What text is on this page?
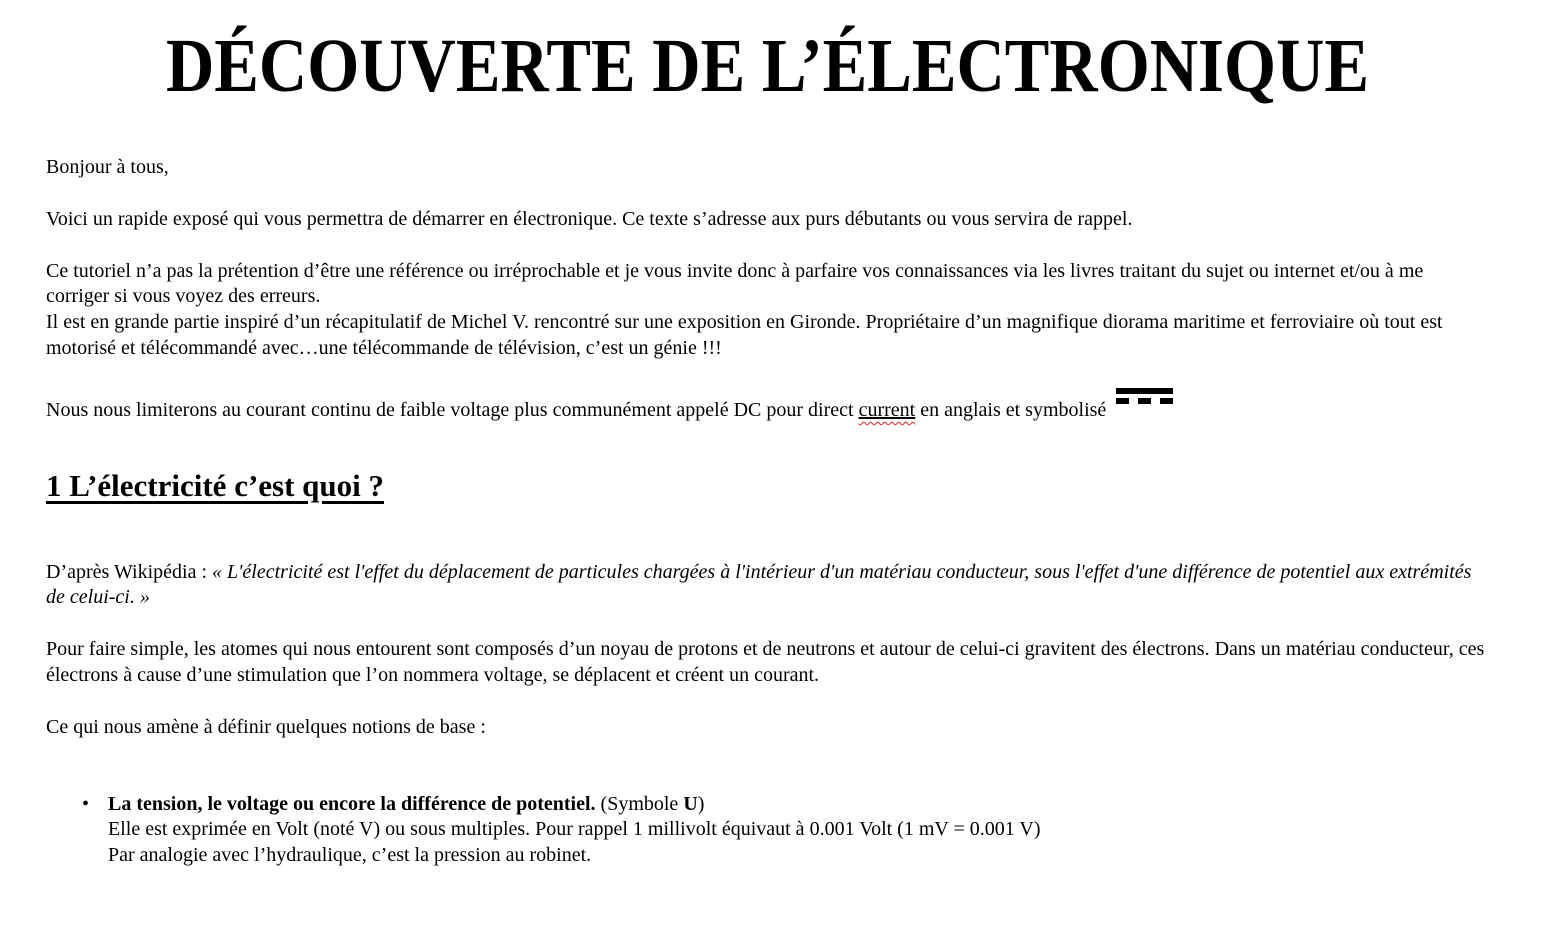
DÉCOUVERTE DE L’ÉLECTRONIQUE

Bonjour à tous,

Voici un rapide exposé qui vous permettra de démarrer en électronique. Ce texte s’adresse aux purs débutants ou vous servira de rappel.

Ce tutoriel n’a pas la prétention d’être une référence ou irréprochable et je vous invite donc à parfaire vos connaissances via les livres traitant du sujet ou internet et/ou à me corriger si vous voyez des erreurs.
Il est en grande partie inspiré d’un récapitulatif de Michel V. rencontré sur une exposition en Gironde. Propriétaire d’un magnifique diorama maritime et ferroviaire où tout est motorisé et télécommandé avec…une télécommande de télévision, c’est un génie !!!

Nous nous limiterons au courant continu de faible voltage plus communément appelé DC pour direct current en anglais et symbolisé

1 L’électricité c’est quoi ?

D’après Wikipédia : « L'électricité est l'effet du déplacement de particules chargées à l'intérieur d'un matériau conducteur, sous l'effet d'une différence de potentiel aux extrémités de celui-ci. »

Pour faire simple, les atomes qui nous entourent sont composés d’un noyau de protons et de neutrons et autour de celui-ci gravitent des électrons. Dans un matériau conducteur, ces électrons à cause d’une stimulation que l’on nommera voltage, se déplacent et créent un courant.

Ce qui nous amène à définir quelques notions de base :

• La tension, le voltage ou encore la différence de potentiel. (Symbole U)
Elle est exprimée en Volt (noté V) ou sous multiples. Pour rappel 1 millivolt équivaut à 0.001 Volt (1 mV = 0.001 V)
Par analogie avec l’hydraulique, c’est la pression au robinet.
